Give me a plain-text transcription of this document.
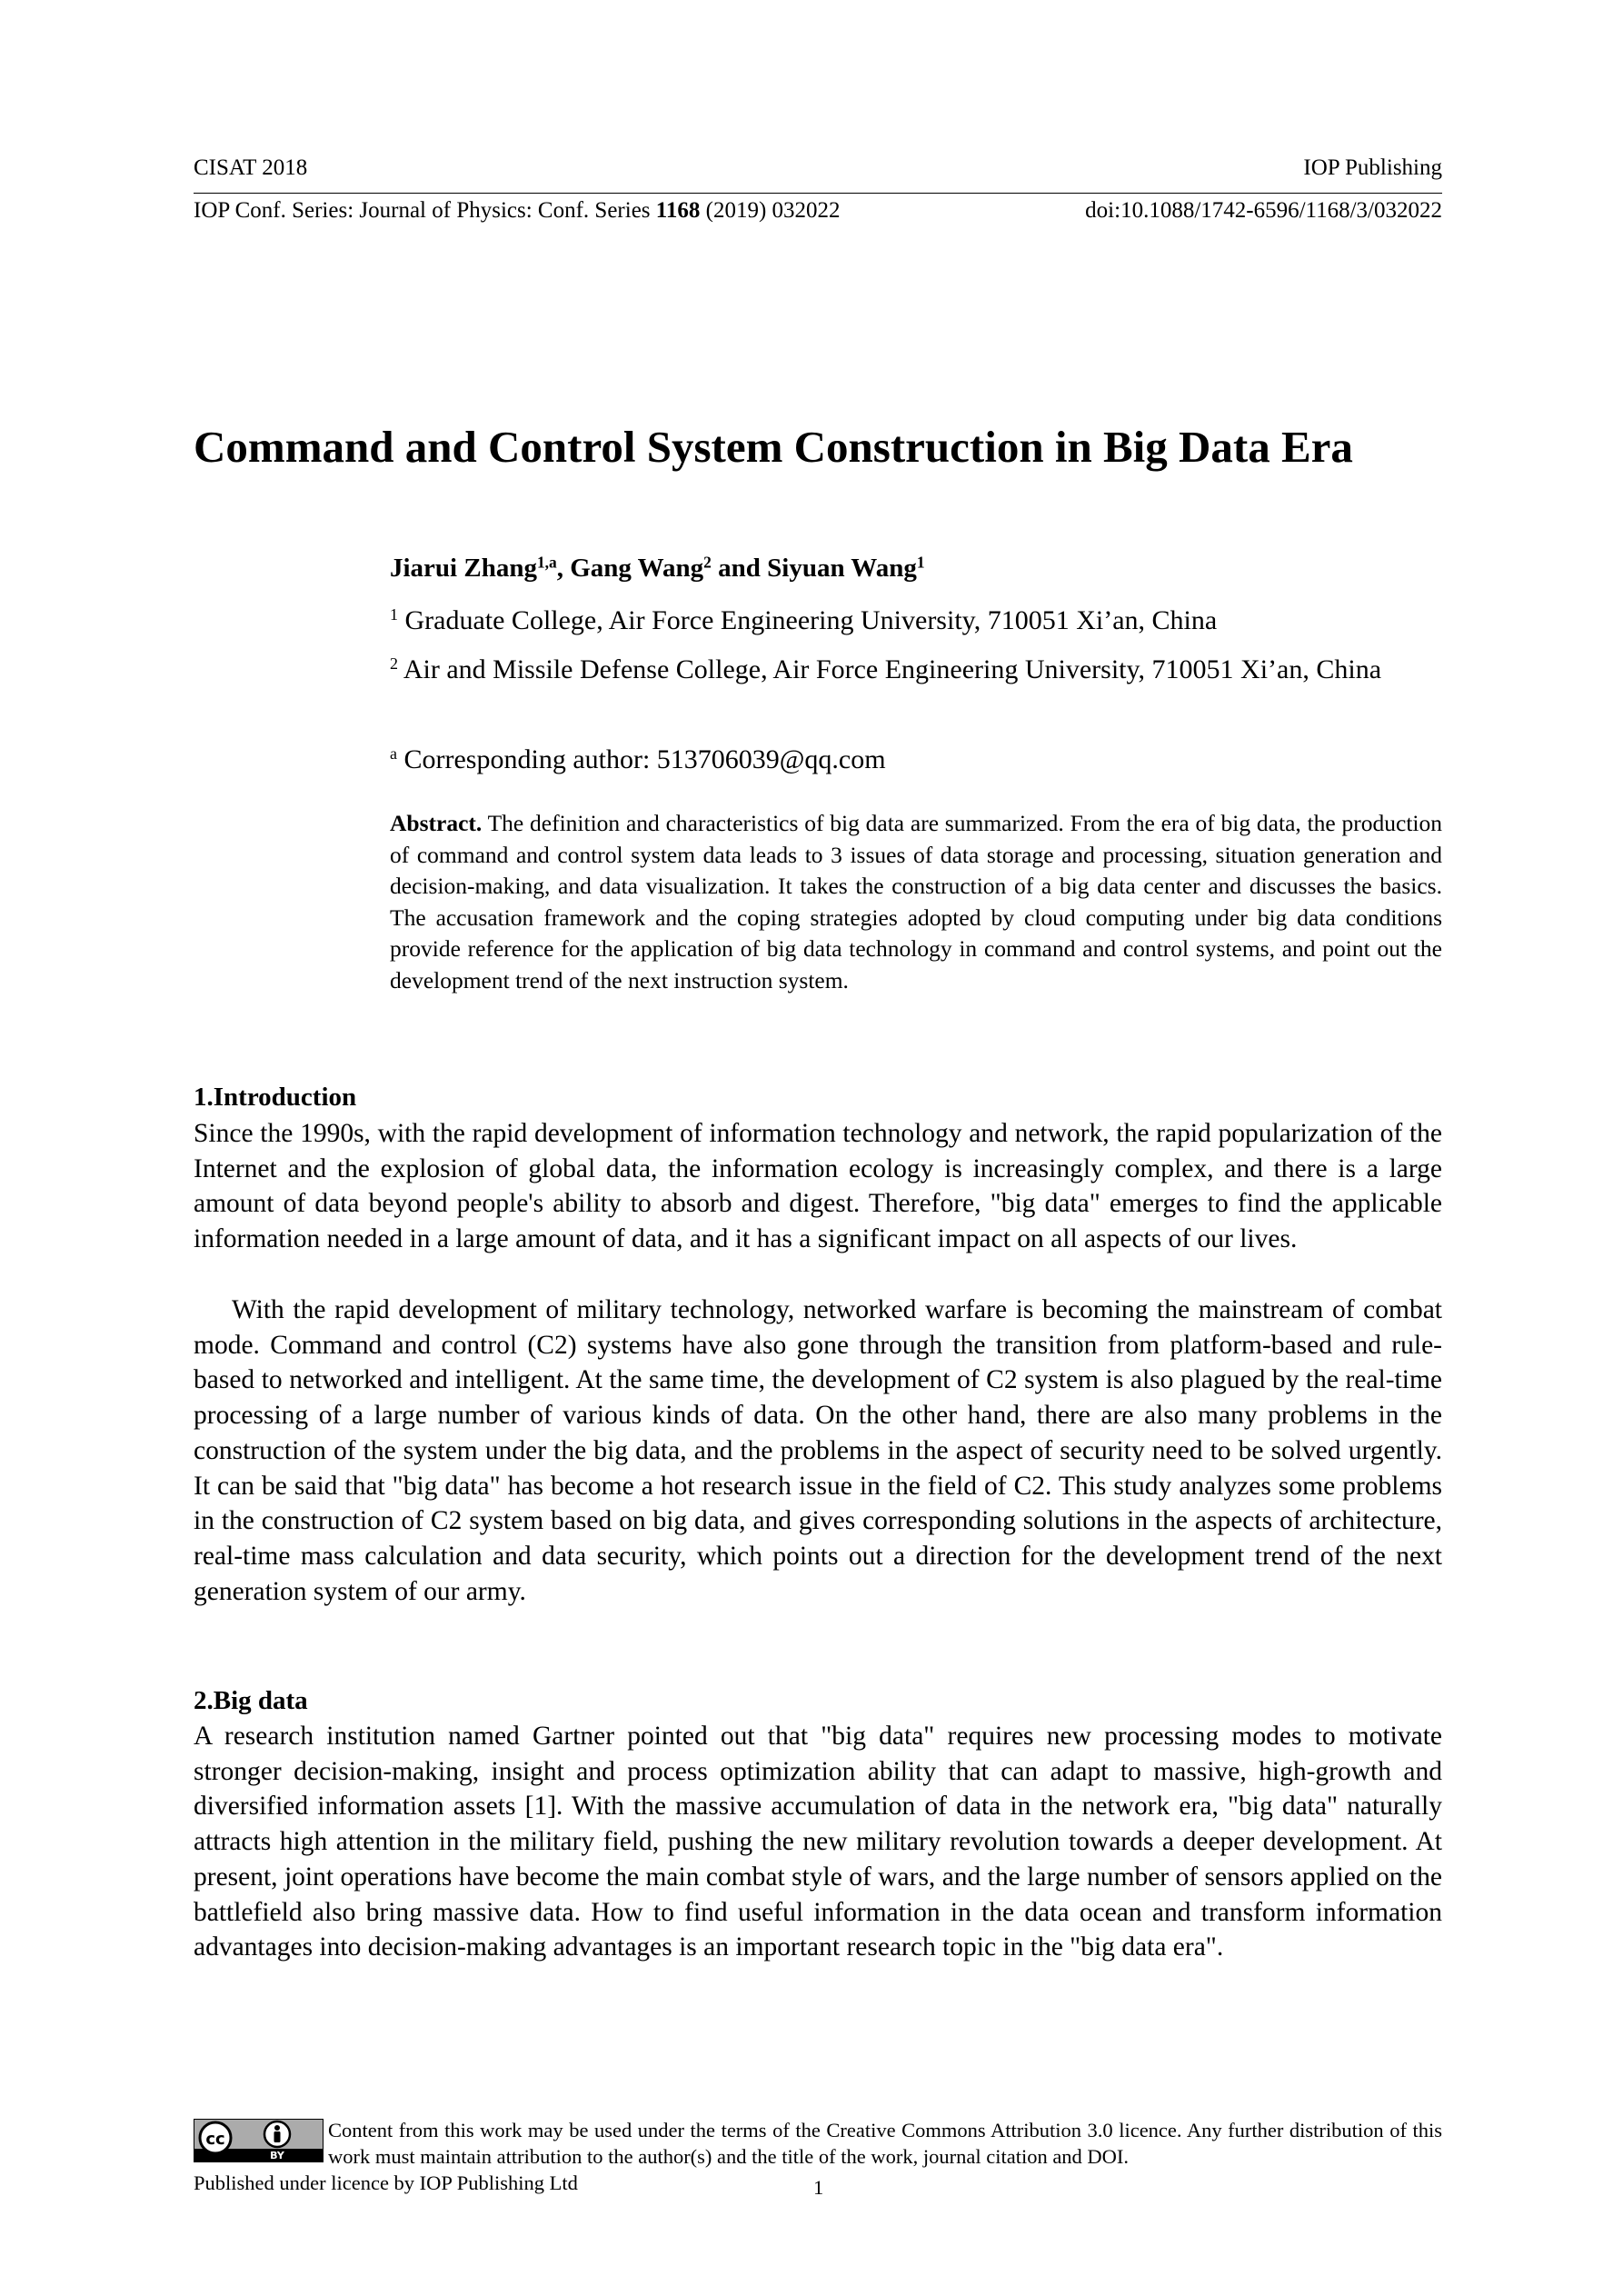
CISAT 2018	IOP Publishing
IOP Conf. Series: Journal of Physics: Conf. Series 1168 (2019) 032022	doi:10.1088/1742-6596/1168/3/032022
Command and Control System Construction in Big Data Era
Jiarui Zhang$^{1,a}$, Gang Wang$^2$ and Siyuan Wang$^1$
$^1$ Graduate College, Air Force Engineering University, 710051 Xi’an, China
$^2$ Air and Missile Defense College, Air Force Engineering University, 710051 Xi’an, China
$^a$ Corresponding author: 513706039@qq.com
Abstract. The definition and characteristics of big data are summarized. From the era of big data, the production of command and control system data leads to 3 issues of data storage and processing, situation generation and decision-making, and data visualization. It takes the construction of a big data center and discusses the basics. The accusation framework and the coping strategies adopted by cloud computing under big data conditions provide reference for the application of big data technology in command and control systems, and point out the development trend of the next instruction system.
1.Introduction
Since the 1990s, with the rapid development of information technology and network, the rapid popularization of the Internet and the explosion of global data, the information ecology is increasingly complex, and there is a large amount of data beyond people's ability to absorb and digest. Therefore, "big data" emerges to find the applicable information needed in a large amount of data, and it has a significant impact on all aspects of our lives.
With the rapid development of military technology, networked warfare is becoming the mainstream of combat mode. Command and control (C2) systems have also gone through the transition from platform-based and rule-based to networked and intelligent. At the same time, the development of C2 system is also plagued by the real-time processing of a large number of various kinds of data. On the other hand, there are also many problems in the construction of the system under the big data, and the problems in the aspect of security need to be solved urgently. It can be said that "big data" has become a hot research issue in the field of C2. This study analyzes some problems in the construction of C2 system based on big data, and gives corresponding solutions in the aspects of architecture, real-time mass calculation and data security, which points out a direction for the development trend of the next generation system of our army.
2.Big data
A research institution named Gartner pointed out that "big data" requires new processing modes to motivate stronger decision-making, insight and process optimization ability that can adapt to massive, high-growth and diversified information assets [1]. With the massive accumulation of data in the network era, "big data" naturally attracts high attention in the military field, pushing the new military revolution towards a deeper development. At present, joint operations have become the main combat style of wars, and the large number of sensors applied on the battlefield also bring massive data. How to find useful information in the data ocean and transform information advantages into decision-making advantages is an important research topic in the "big data era".
cc
BY
Content from this work may be used under the terms of the Creative Commons Attribution 3.0 licence. Any further distribution of this work must maintain attribution to the author(s) and the title of the work, journal citation and DOI.
Published under licence by IOP Publishing Ltd	1
